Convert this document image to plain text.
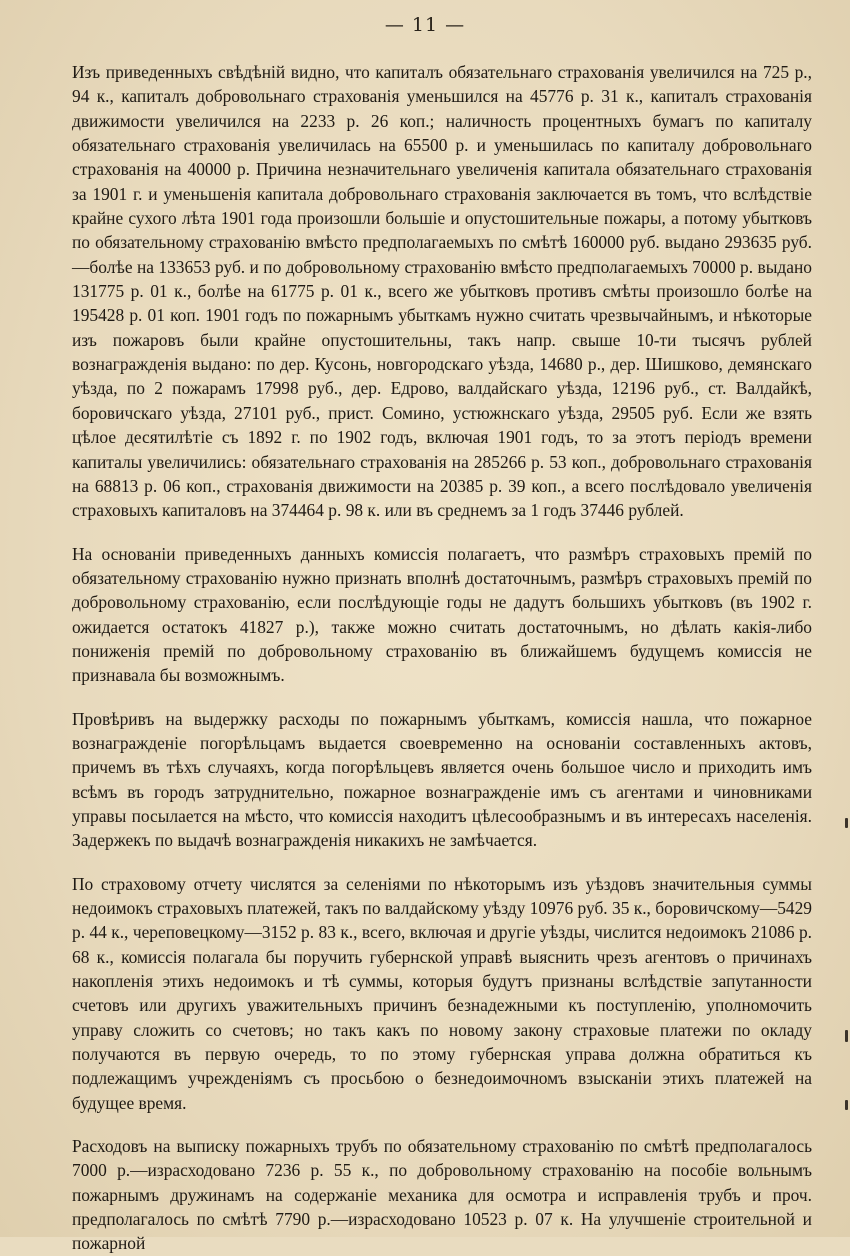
— 11 —

Изъ приведенныхъ свѣдѣній видно, что капиталъ обязательнаго страхованія увеличился на 725 р., 94 к., капиталъ добровольнаго страхованія уменьшился на 45776 р. 31 к., капиталъ страхованія движимости увеличился на 2233 р. 26 коп.; наличность процентныхъ бумагъ по капиталу обязательнаго страхованія увеличилась на 65500 р. и уменьшилась по капиталу добровольнаго страхованія на 40000 р. Причина незначительнаго увеличенія капитала обязательнаго страхованія за 1901 г. и уменьшенія капитала добровольнаго страхованія заключается въ томъ, что вслѣдствіе крайне сухого лѣта 1901 года произошли большіе и опустошительные пожары, а потому убытковъ по обязательному страхованію вмѣсто предполагаемыхъ по смѣтѣ 160000 руб. выдано 293635 руб.—болѣе на 133653 руб. и по добровольному страхованію вмѣсто предполагаемыхъ 70000 р. выдано 131775 р. 01 к., болѣе на 61775 р. 01 к., всего же убытковъ противъ смѣты произошло болѣе на 195428 р. 01 коп. 1901 годъ по пожарнымъ убыткамъ нужно считать чрезвычайнымъ, и нѣкоторые изъ пожаровъ были крайне опустошительны, такъ напр. свыше 10-ти тысячъ рублей вознагражденія выдано: по дер. Кусонь, новгородскаго уѣзда, 14680 р., дер. Шишково, демянскаго уѣзда, по 2 пожарамъ 17998 руб., дер. Едрово, валдайскаго уѣзда, 12196 руб., ст. Валдайкѣ, боровичскаго уѣзда, 27101 руб., прист. Сомино, устюжнскаго уѣзда, 29505 руб. Если же взять цѣлое десятилѣтіе съ 1892 г. по 1902 годъ, включая 1901 годъ, то за этотъ періодъ времени капиталы увеличились: обязательнаго страхованія на 285266 р. 53 коп., добровольнаго страхованія на 68813 р. 06 коп., страхованія движимости на 20385 р. 39 коп., а всего послѣдовало увеличенія страховыхъ капиталовъ на 374464 р. 98 к. или въ среднемъ за 1 годъ 37446 рублей.

На основаніи приведенныхъ данныхъ комиссія полагаетъ, что размѣръ страховыхъ премій по обязательному страхованію нужно признать вполнѣ достаточнымъ, размѣръ страховыхъ премій по добровольному страхованію, если послѣдующіе годы не дадутъ большихъ убытковъ (въ 1902 г. ожидается остатокъ 41827 р.), также можно считать достаточнымъ, но дѣлать какія-либо пониженія премій по добровольному страхованію въ ближайшемъ будущемъ комиссія не признавала бы возможнымъ.

Провѣривъ на выдержку расходы по пожарнымъ убыткамъ, комиссія нашла, что пожарное вознагражденіе погорѣльцамъ выдается своевременно на основаніи составленныхъ актовъ, причемъ въ тѣхъ случаяхъ, когда погорѣльцевъ является очень большое число и приходить имъ всѣмъ въ городъ затруднительно, пожарное вознагражденіе имъ съ агентами и чиновниками управы посылается на мѣсто, что комиссія находитъ цѣлесообразнымъ и въ интересахъ населенія. Задержекъ по выдачѣ вознагражденія никакихъ не замѣчается.

По страховому отчету числятся за селеніями по нѣкоторымъ изъ уѣздовъ значительныя суммы недоимокъ страховыхъ платежей, такъ по валдайскому уѣзду 10976 руб. 35 к., боровичскому—5429 р. 44 к., череповецкому—3152 р. 83 к., всего, включая и другіе уѣзды, числится недоимокъ 21086 р. 68 к., комиссія полагала бы поручить губернской управѣ выяснить чрезъ агентовъ о причинахъ накопленія этихъ недоимокъ и тѣ суммы, которыя будутъ признаны вслѣдствіе запутанности счетовъ или другихъ уважительныхъ причинъ безнадежными къ поступленію, уполномочить управу сложить со счетовъ; но такъ какъ по новому закону страховые платежи по окладу получаются въ первую очередь, то по этому губернская управа должна обратиться къ подлежащимъ учрежденіямъ съ просьбою о безнедоимочномъ взысканіи этихъ платежей на будущее время.

Расходовъ на выписку пожарныхъ трубъ по обязательному страхованію по смѣтѣ предполагалось 7000 р.—израсходовано 7236 р. 55 к., по добровольному страхованію на пособіе вольнымъ пожарнымъ дружинамъ на содержаніе механика для осмотра и исправленія трубъ и проч. предполагалось по смѣтѣ 7790 р.—израсходовано 10523 р. 07 к. На улучшеніе строительной и пожарной
